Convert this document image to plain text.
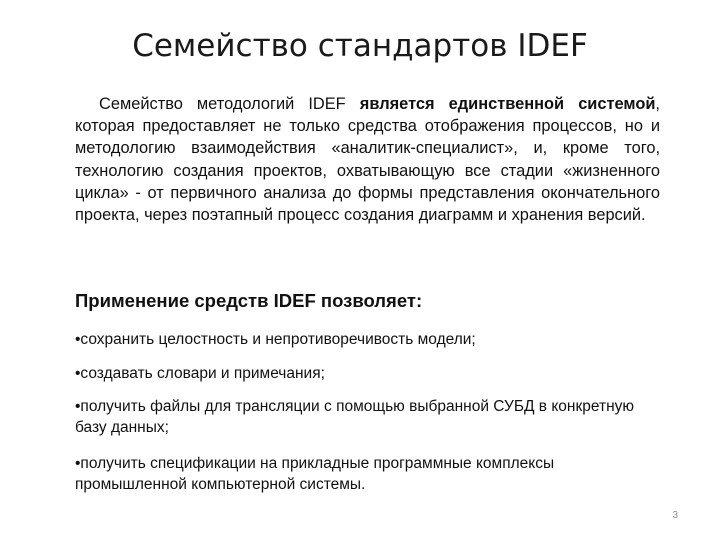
Семейство стандартов IDEF
Семейство методологий IDEF является единственной системой, которая предоставляет не только средства отображения процессов, но и методологию взаимодействия «аналитик-специалист», и, кроме того, технологию создания проектов, охватывающую все стадии «жизненного цикла» - от первичного анализа до формы представления окончательного проекта, через поэтапный процесс создания диаграмм и хранения версий.
Применение средств IDEF позволяет:
•сохранить целостность и непротиворечивость модели;
•создавать словари и примечания;
•получить файлы для трансляции с помощью выбранной СУБД в конкретную базу данных;
•получить спецификации на прикладные программные комплексы промышленной компьютерной системы.
3
